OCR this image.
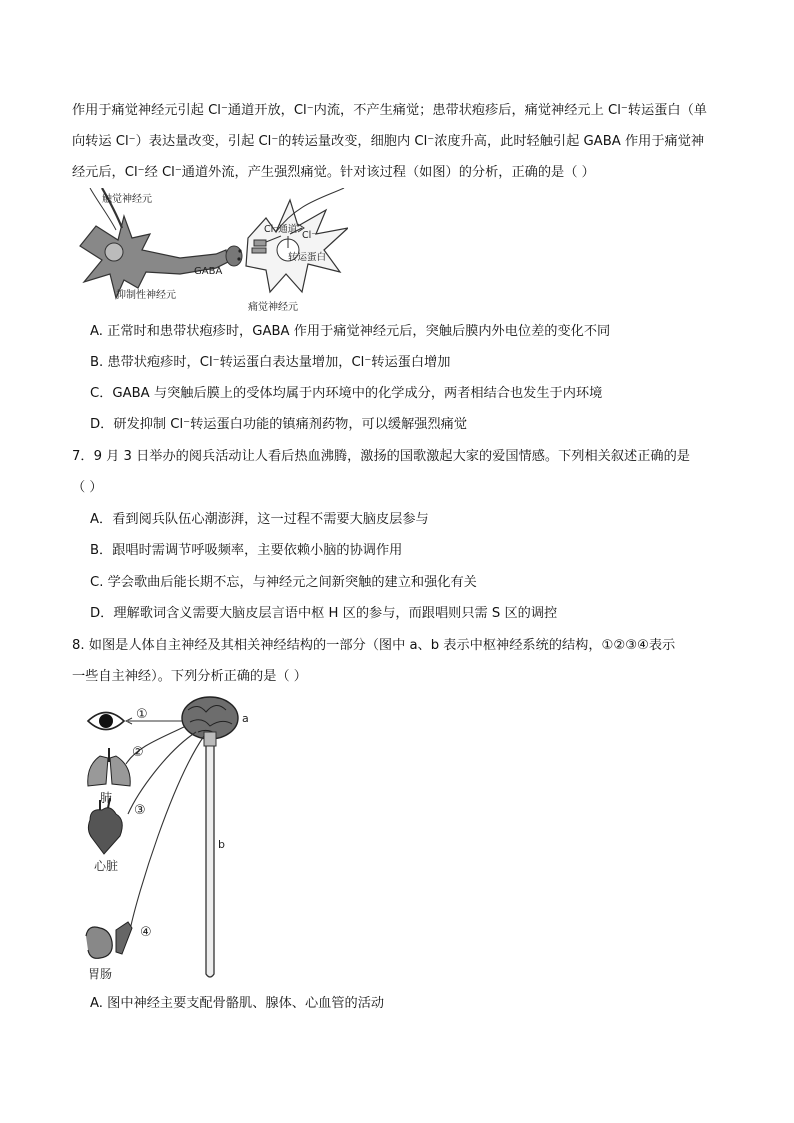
作用于痛觉神经元引起 Cl⁻通道开放，Cl⁻内流，不产生痛觉；患带状疱疹后，痛觉神经元上 Cl⁻转运蛋白（单
向转运 Cl⁻）表达量改变，引起 Cl⁻的转运量改变，细胞内 Cl⁻浓度升高，此时轻触引起 GABA 作用于痛觉神
经元后，Cl⁻经 Cl⁻通道外流，产生强烈痛觉。针对该过程（如图）的分析，正确的是（ ）
触觉神经元
Cl⁻通道
Cl⁻
GABA
转运蛋白
抑制性神经元
痛觉神经元
A. 正常时和患带状疱疹时，GABA 作用于痛觉神经元后，突触后膜内外电位差的变化不同
B. 患带状疱疹时，Cl⁻转运蛋白表达量增加，Cl⁻转运蛋白增加
C．GABA 与突触后膜上的受体均属于内环境中的化学成分，两者相结合也发生于内环境
D．研发抑制 Cl⁻转运蛋白功能的镇痛剂药物，可以缓解强烈痛觉
7．9 月 3 日举办的阅兵活动让人看后热血沸腾，激扬的国歌激起大家的爱国情感。下列相关叙述正确的是
（ ）
A．看到阅兵队伍心潮澎湃，这一过程不需要大脑皮层参与
B．跟唱时需调节呼吸频率，主要依赖小脑的协调作用
C. 学会歌曲后能长期不忘，与神经元之间新突触的建立和强化有关
D．理解歌词含义需要大脑皮层言语中枢 H 区的参与，而跟唱则只需 S 区的调控
8. 如图是人体自主神经及其相关神经结构的一部分（图中 a、b 表示中枢神经系统的结构，①②③④表示
一些自主神经）。下列分析正确的是（ ）
①
②
③
④
a
b
肺
心脏
胃肠
A. 图中神经主要支配骨骼肌、腺体、心血管的活动
